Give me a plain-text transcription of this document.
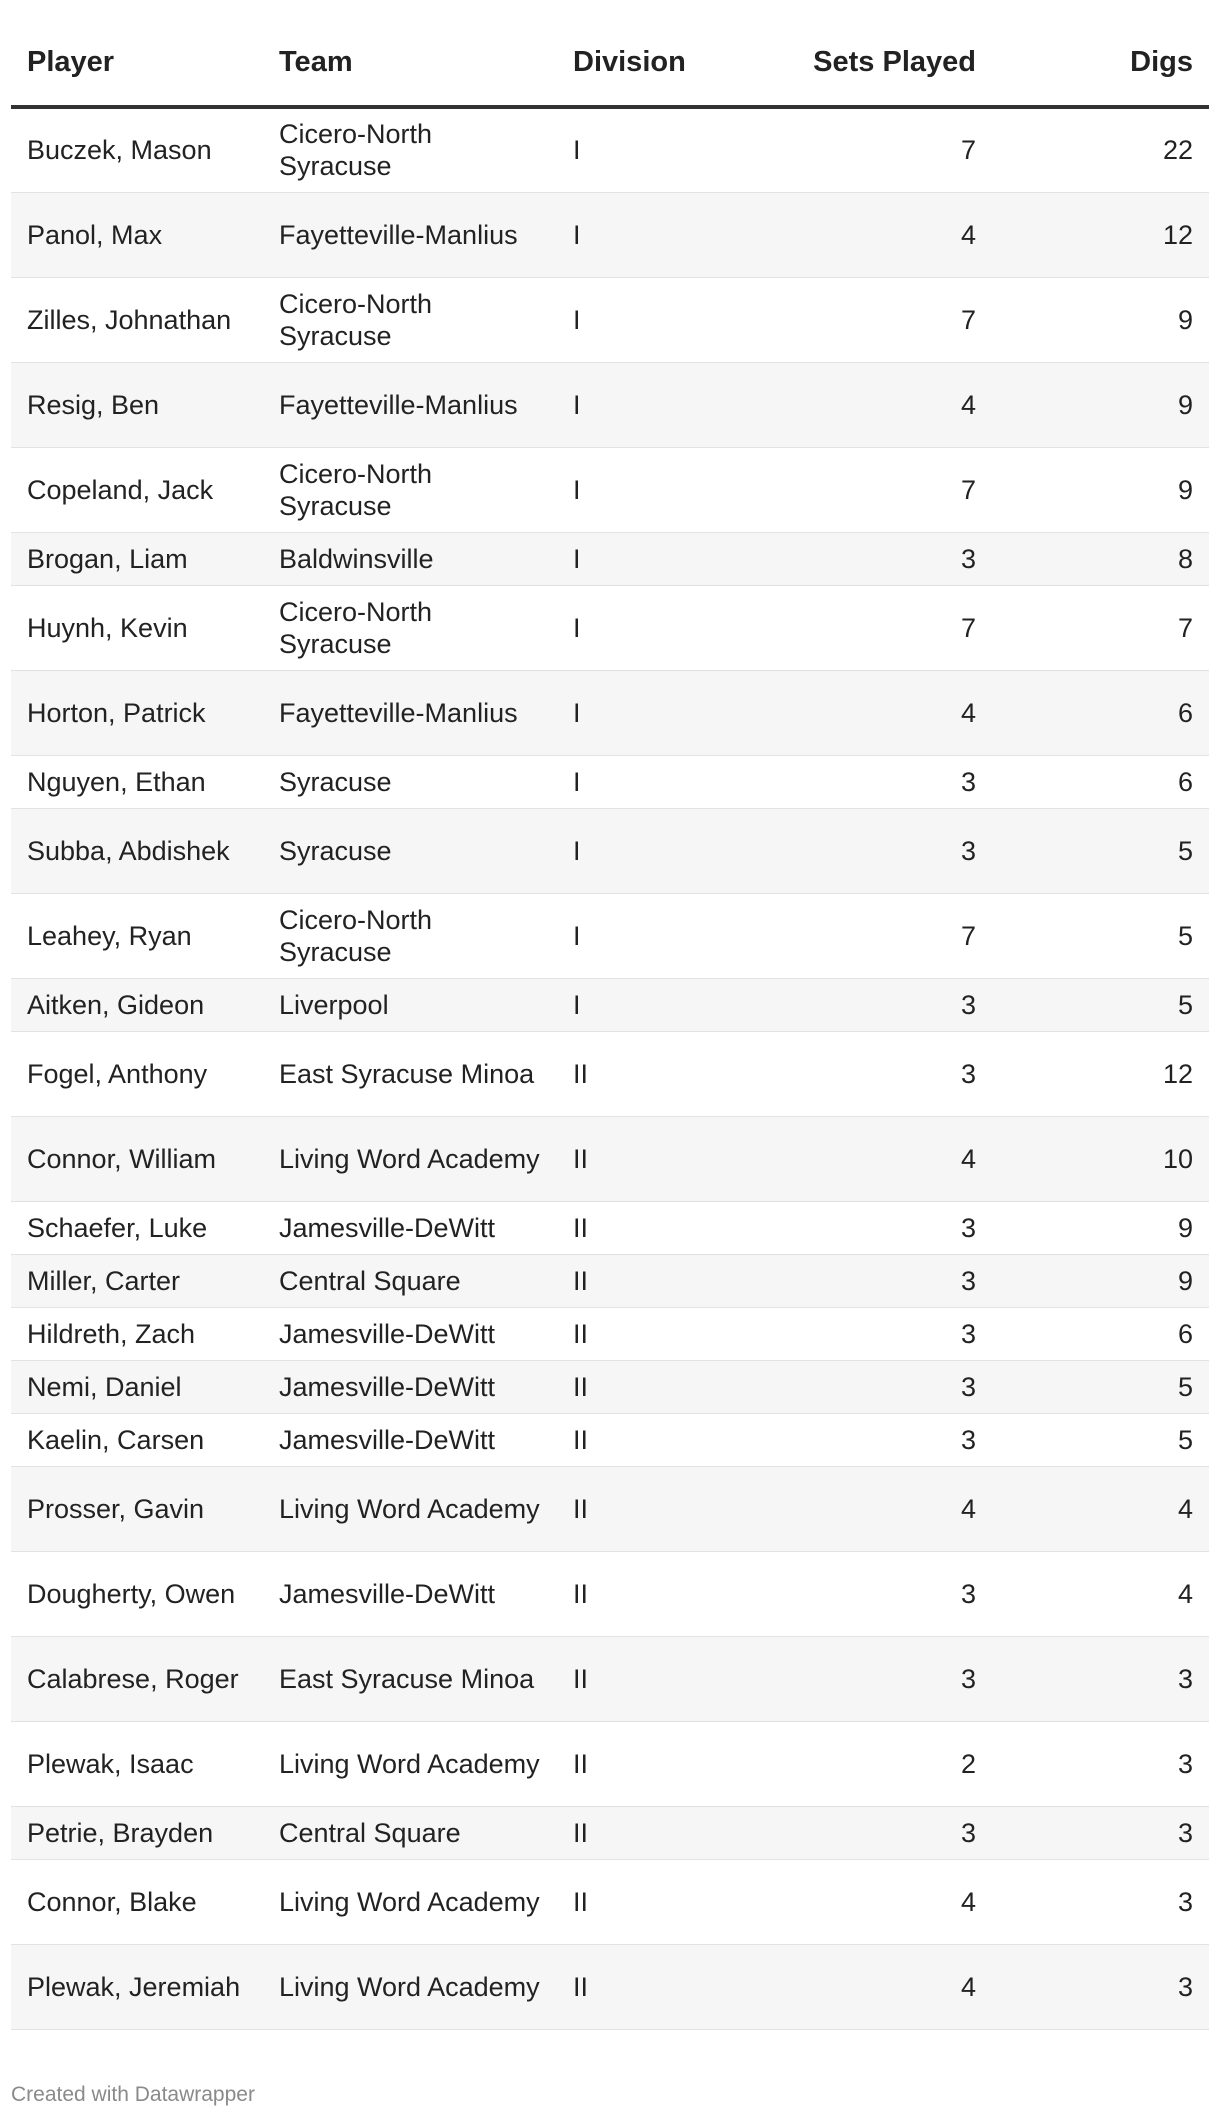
Player	Team	Division	Sets Played	Digs
Buczek, Mason	Cicero-North Syracuse	I	7	22
Panol, Max	Fayetteville-Manlius	I	4	12
Zilles, Johnathan	Cicero-North Syracuse	I	7	9
Resig, Ben	Fayetteville-Manlius	I	4	9
Copeland, Jack	Cicero-North Syracuse	I	7	9
Brogan, Liam	Baldwinsville	I	3	8
Huynh, Kevin	Cicero-North Syracuse	I	7	7
Horton, Patrick	Fayetteville-Manlius	I	4	6
Nguyen, Ethan	Syracuse	I	3	6
Subba, Abdishek	Syracuse	I	3	5
Leahey, Ryan	Cicero-North Syracuse	I	7	5
Aitken, Gideon	Liverpool	I	3	5
Fogel, Anthony	East Syracuse Minoa	II	3	12
Connor, William	Living Word Academy	II	4	10
Schaefer, Luke	Jamesville-DeWitt	II	3	9
Miller, Carter	Central Square	II	3	9
Hildreth, Zach	Jamesville-DeWitt	II	3	6
Nemi, Daniel	Jamesville-DeWitt	II	3	5
Kaelin, Carsen	Jamesville-DeWitt	II	3	5
Prosser, Gavin	Living Word Academy	II	4	4
Dougherty, Owen	Jamesville-DeWitt	II	3	4
Calabrese, Roger	East Syracuse Minoa	II	3	3
Plewak, Isaac	Living Word Academy	II	2	3
Petrie, Brayden	Central Square	II	3	3
Connor, Blake	Living Word Academy	II	4	3
Plewak, Jeremiah	Living Word Academy	II	4	3
Created with Datawrapper
